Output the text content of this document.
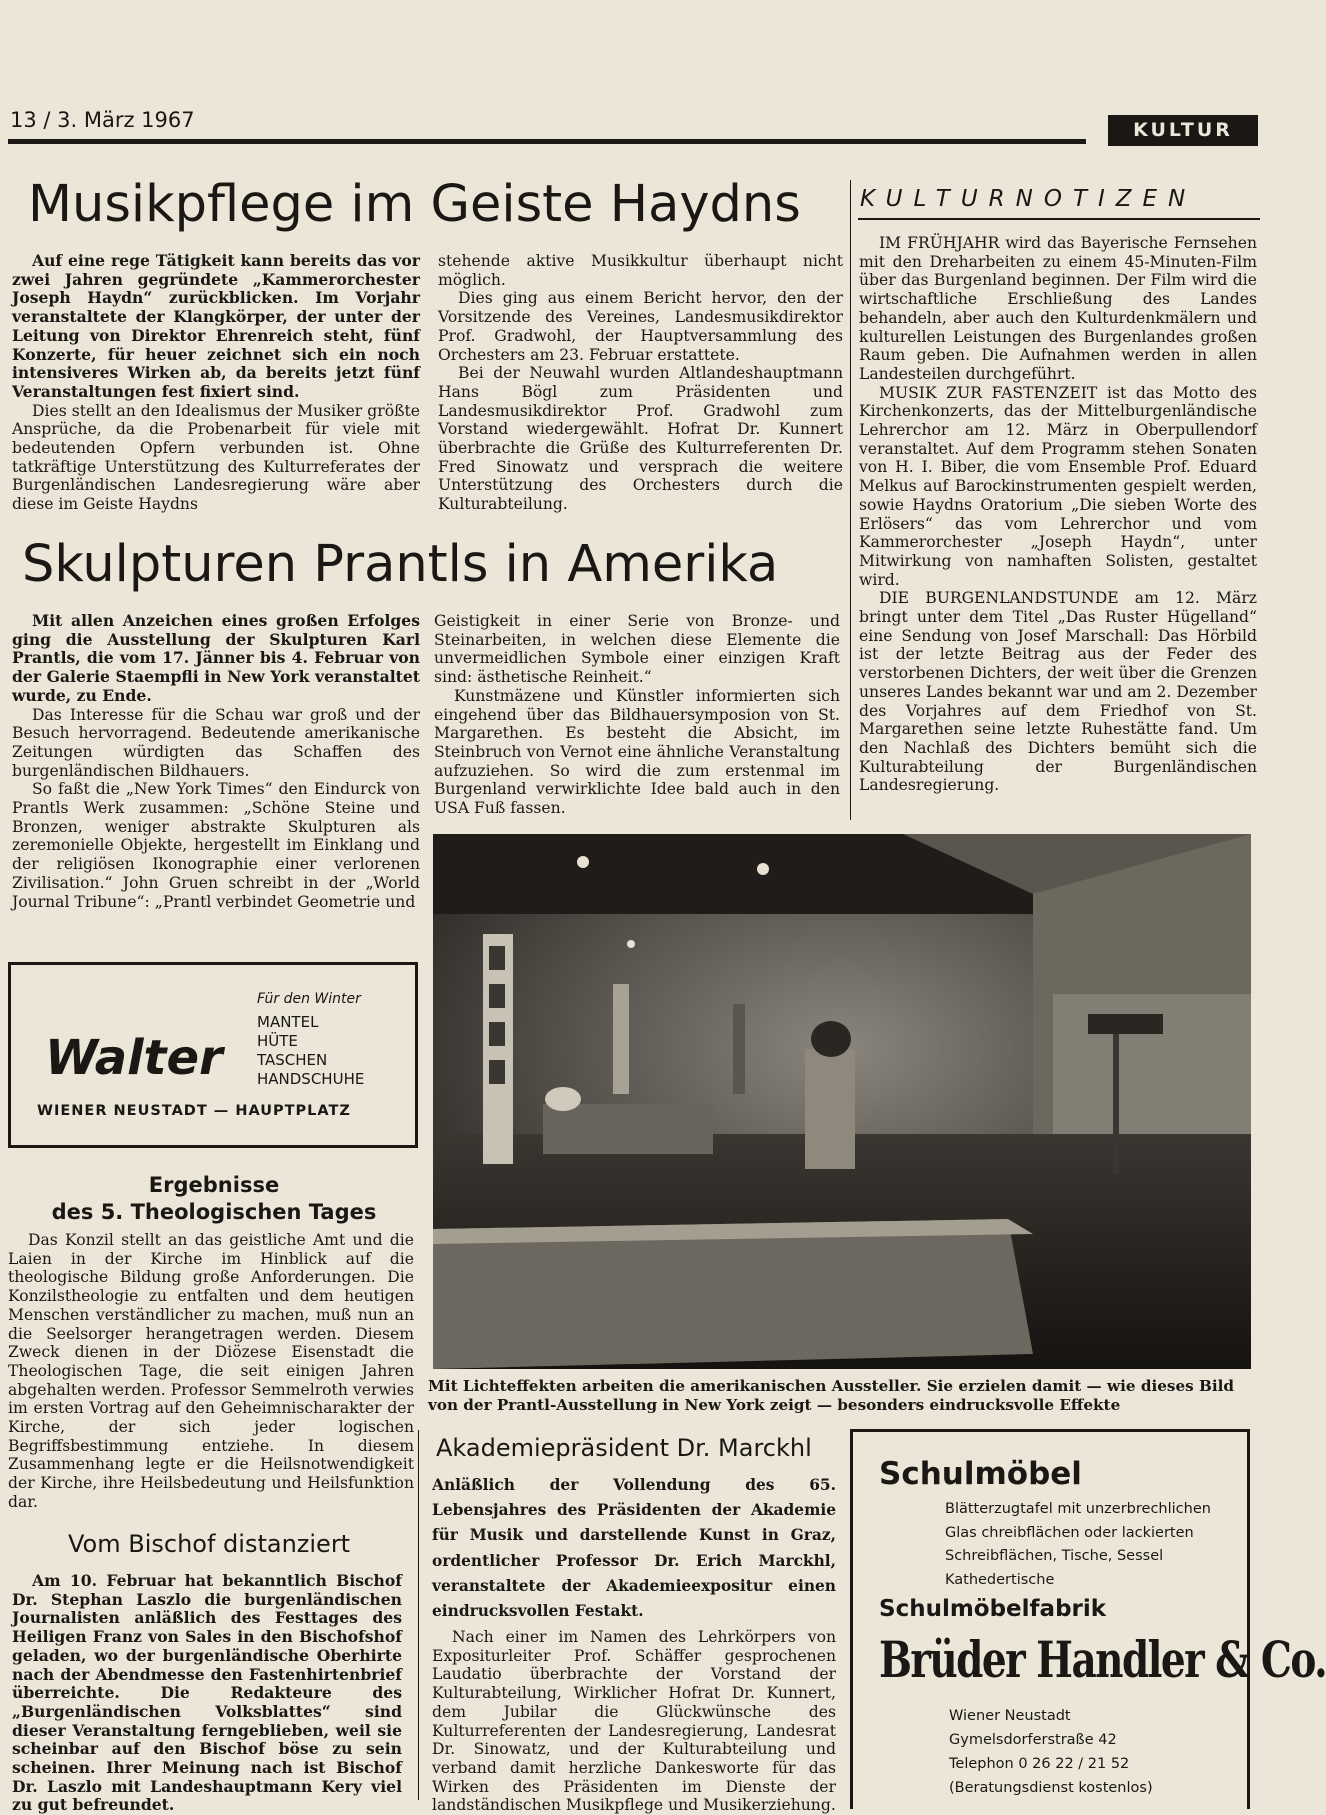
13 / 3. März 1967	KULTUR
Musikpflege im Geiste Haydns

Auf eine rege Tätigkeit kann bereits das vor zwei Jahren gegründete „Kammerorchester Joseph Haydn“ zurückblicken. Im Vorjahr veranstaltete der Klangkörper, der unter der Leitung von Direktor Ehrenreich steht, fünf Konzerte, für heuer zeichnet sich ein noch intensiveres Wirken ab, da bereits jetzt fünf Veranstaltungen fest fixiert sind.

Dies stellt an den Idealismus der Musiker größte Ansprüche, da die Probenarbeit für viele mit bedeutenden Opfern verbunden ist. Ohne tatkräftige Unterstützung des Kulturreferates der Burgenländischen Landesregierung wäre aber diese im Geiste Haydns

stehende aktive Musikkultur überhaupt nicht möglich.

Dies ging aus einem Bericht hervor, den der Vorsitzende des Vereines, Landesmusikdirektor Prof. Gradwohl, der Hauptversammlung des Orchesters am 23. Februar erstattete.

Bei der Neuwahl wurden Altlandeshauptmann Hans Bögl zum Präsidenten und Landesmusikdirektor Prof. Gradwohl zum Vorstand wiedergewählt. Hofrat Dr. Kunnert überbrachte die Grüße des Kulturreferenten Dr. Fred Sinowatz und versprach die weitere Unterstützung des Orchesters durch die Kulturabteilung.

KULTURNOTIZEN

IM FRÜHJAHR wird das Bayerische Fernsehen mit den Dreharbeiten zu einem 45-Minuten-Film über das Burgenland beginnen. Der Film wird die wirtschaftliche Erschließung des Landes behandeln, aber auch den Kulturdenkmälern und kulturellen Leistungen des Burgenlandes großen Raum geben. Die Aufnahmen werden in allen Landesteilen durchgeführt.

MUSIK ZUR FASTENZEIT ist das Motto des Kirchenkonzerts, das der Mittelburgenländische Lehrerchor am 12. März in Oberpullendorf veranstaltet. Auf dem Programm stehen Sonaten von H. I. Biber, die vom Ensemble Prof. Eduard Melkus auf Barockinstrumenten gespielt werden, sowie Haydns Oratorium „Die sieben Worte des Erlösers“ das vom Lehrerchor und vom Kammerorchester „Joseph Haydn“, unter Mitwirkung von namhaften Solisten, gestaltet wird.

DIE BURGENLANDSTUNDE am 12. März bringt unter dem Titel „Das Ruster Hügelland“ eine Sendung von Josef Marschall: Das Hörbild ist der letzte Beitrag aus der Feder des verstorbenen Dichters, der weit über die Grenzen unseres Landes bekannt war und am 2. Dezember des Vorjahres auf dem Friedhof von St. Margarethen seine letzte Ruhestätte fand. Um den Nachlaß des Dichters bemüht sich die Kulturabteilung der Burgenländischen Landesregierung.

Skulpturen Prantls in Amerika

Mit allen Anzeichen eines großen Erfolges ging die Ausstellung der Skulpturen Karl Prantls, die vom 17. Jänner bis 4. Februar von der Galerie Staempfli in New York veranstaltet wurde, zu Ende.

Das Interesse für die Schau war groß und der Besuch hervorragend. Bedeutende amerikanische Zeitungen würdigten das Schaffen des burgenländischen Bildhauers.

So faßt die „New York Times“ den Eindurck von Prantls Werk zusammen: „Schöne Steine und Bronzen, weniger abstrakte Skulpturen als zeremonielle Objekte, hergestellt im Einklang und der religiösen Ikonographie einer verlorenen Zivilisation.“ John Gruen schreibt in der „World Journal Tribune“: „Prantl verbindet Geometrie und

Geistigkeit in einer Serie von Bronze- und Steinarbeiten, in welchen diese Elemente die unvermeidlichen Symbole einer einzigen Kraft sind: ästhetische Reinheit.“

Kunstmäzene und Künstler informierten sich eingehend über das Bildhauersymposion von St. Margarethen. Es besteht die Absicht, im Steinbruch von Vernot eine ähnliche Veranstaltung aufzuziehen. So wird die zum erstenmal im Burgenland verwirklichte Idee bald auch in den USA Fuß fassen.

Für den Winter
MANTEL
HÜTE
TASCHEN
HANDSCHUHE
Walter
WIENER NEUSTADT — HAUPTPLATZ
Ergebnisse
des 5. Theologischen Tages

Das Konzil stellt an das geistliche Amt und die Laien in der Kirche im Hinblick auf die theologische Bildung große Anforderungen. Die Konzilstheologie zu entfalten und dem heutigen Menschen verständlicher zu machen, muß nun an die Seelsorger herangetragen werden. Diesem Zweck dienen in der Diözese Eisenstadt die Theologischen Tage, die seit einigen Jahren abgehalten werden. Professor Semmelroth verwies im ersten Vortrag auf den Geheimnischarakter der Kirche, der sich jeder logischen Begriffsbestimmung entziehe. In diesem Zusammenhang legte er die Heilsnotwendigkeit der Kirche, ihre Heilsbedeutung und Heilsfunktion dar.

Vom Bischof distanziert

Am 10. Februar hat bekanntlich Bischof Dr. Stephan Laszlo die burgenländischen Journalisten anläßlich des Festtages des Heiligen Franz von Sales in den Bischofshof geladen, wo der burgenländische Oberhirte nach der Abendmesse den Fastenhirtenbrief überreichte. Die Redakteure des „Burgenländischen Volksblattes“ sind dieser Veranstaltung ferngeblieben, weil sie scheinbar auf den Bischof böse zu sein scheinen. Ihrer Meinung nach ist Bischof Dr. Laszlo mit Landeshauptmann Kery viel zu gut befreundet.

Mit Lichteffekten arbeiten die amerikanischen Aussteller. Sie erzielen damit — wie dieses Bild von der Prantl-Ausstellung in New York zeigt — besonders eindrucksvolle Effekte
Akademiepräsident Dr. Marckhl

Anläßlich der Vollendung des 65. Lebensjahres des Präsidenten der Akademie für Musik und darstellende Kunst in Graz, ordentlicher Professor Dr. Erich Marckhl, veranstaltete der Akademieexpositur einen eindrucksvollen Festakt.

Nach einer im Namen des Lehrkörpers von Expositurleiter Prof. Schäffer gesprochenen Laudatio überbrachte der Vorstand der Kulturabteilung, Wirklicher Hofrat Dr. Kunnert, dem Jubilar die Glückwünsche des Kulturreferenten der Landesregierung, Landesrat Dr. Sinowatz, und der Kulturabteilung und verband damit herzliche Dankesworte für das Wirken des Präsidenten im Dienste der landständischen Musikpflege und Musikerziehung.

Schulmöbel
Blätterzugtafel mit unzerbrechlichen Glas chreibflächen oder lackierten Schreibflächen, Tische, Sessel Kathedertische
Schulmöbelfabrik
Brüder Handler & Co.
Wiener Neustadt
Gymelsdorferstraße 42
Telephon 0 26 22 / 21 52
(Beratungsdienst kostenlos)
